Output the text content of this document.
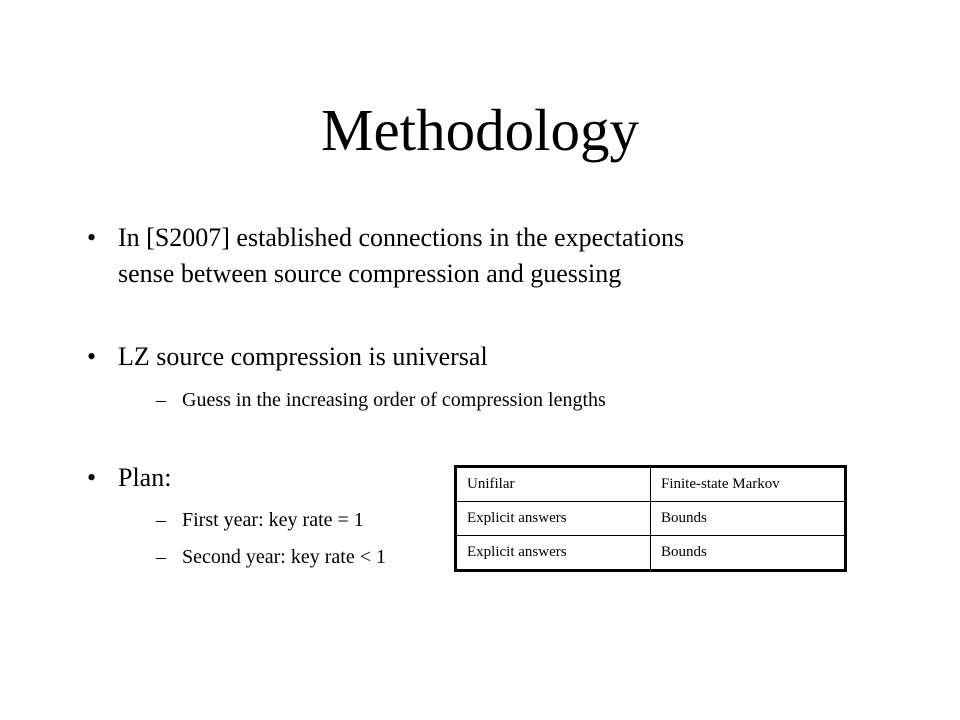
Methodology
• In [S2007] established connections in the expectations
sense between source compression and guessing
• LZ source compression is universal
– Guess in the increasing order of compression lengths
• Plan:
– First year: key rate = 1
– Second year: key rate < 1
Unifilar	Finite-state Markov
Explicit answers	Bounds
Explicit answers	Bounds
